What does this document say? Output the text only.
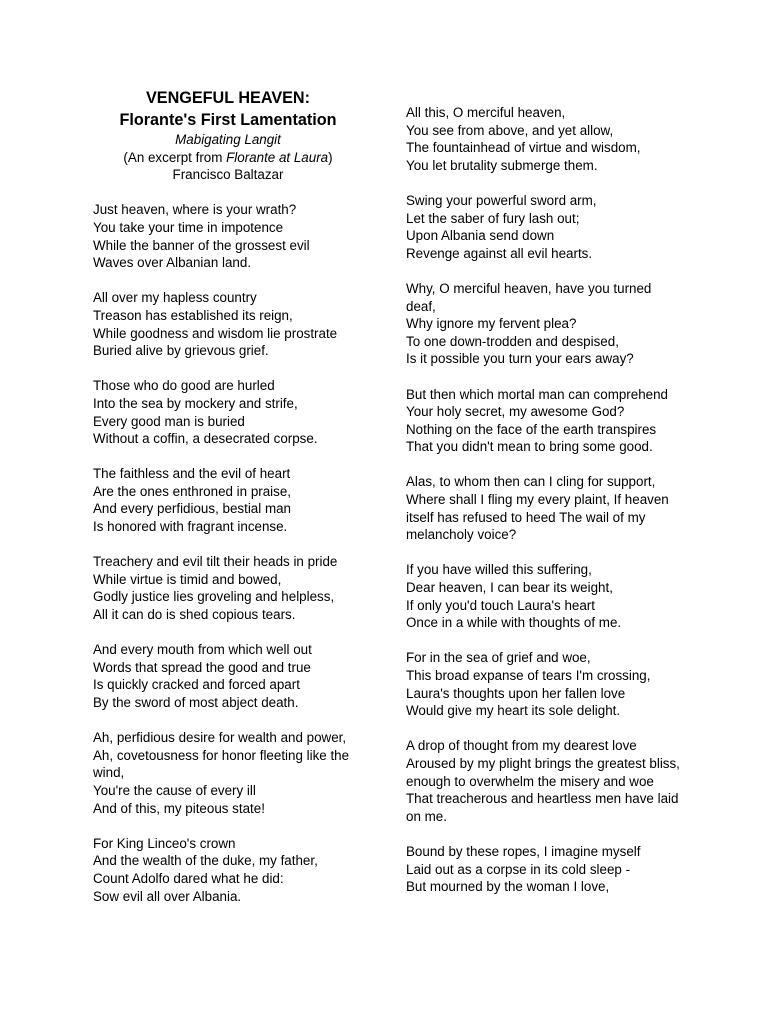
VENGEFUL HEAVEN:

Florante's First Lamentation

Mabigating Langit
(An excerpt from Florante at Laura)
Francisco Baltazar
Just heaven, where is your wrath?
You take your time in impotence
While the banner of the grossest evil
Waves over Albanian land.
All over my hapless country
Treason has established its reign,
While goodness and wisdom lie prostrate
Buried alive by grievous grief.
Those who do good are hurled
Into the sea by mockery and strife,
Every good man is buried
Without a coffin, a desecrated corpse.
The faithless and the evil of heart
Are the ones enthroned in praise,
And every perfidious, bestial man
Is honored with fragrant incense.
Treachery and evil tilt their heads in pride
While virtue is timid and bowed,
Godly justice lies groveling and helpless,
All it can do is shed copious tears.
And every mouth from which well out
Words that spread the good and true
Is quickly cracked and forced apart
By the sword of most abject death.
Ah, perfidious desire for wealth and power,
Ah, covetousness for honor fleeting like the wind,
You're the cause of every ill
And of this, my piteous state!
For King Linceo's crown
And the wealth of the duke, my father,
Count Adolfo dared what he did:
Sow evil all over Albania.
All this, O merciful heaven,
You see from above, and yet allow,
The fountainhead of virtue and wisdom,
You let brutality submerge them.
Swing your powerful sword arm,
Let the saber of fury lash out;
Upon Albania send down
Revenge against all evil hearts.
Why, O merciful heaven, have you turned deaf,
Why ignore my fervent plea?
To one down-trodden and despised,
Is it possible you turn your ears away?
But then which mortal man can comprehend
Your holy secret, my awesome God?
Nothing on the face of the earth transpires
That you didn't mean to bring some good.
Alas, to whom then can I cling for support,
Where shall I fling my every plaint, If heaven itself has refused to heed The wail of my melancholy voice?
If you have willed this suffering,
Dear heaven, I can bear its weight,
If only you'd touch Laura's heart
Once in a while with thoughts of me.
For in the sea of grief and woe,
This broad expanse of tears I'm crossing,
Laura's thoughts upon her fallen love
Would give my heart its sole delight.
A drop of thought from my dearest love
Aroused by my plight brings the greatest bliss,
enough to overwhelm the misery and woe
That treacherous and heartless men have laid on me.
Bound by these ropes, I imagine myself
Laid out as a corpse in its cold sleep -
But mourned by the woman I love,
